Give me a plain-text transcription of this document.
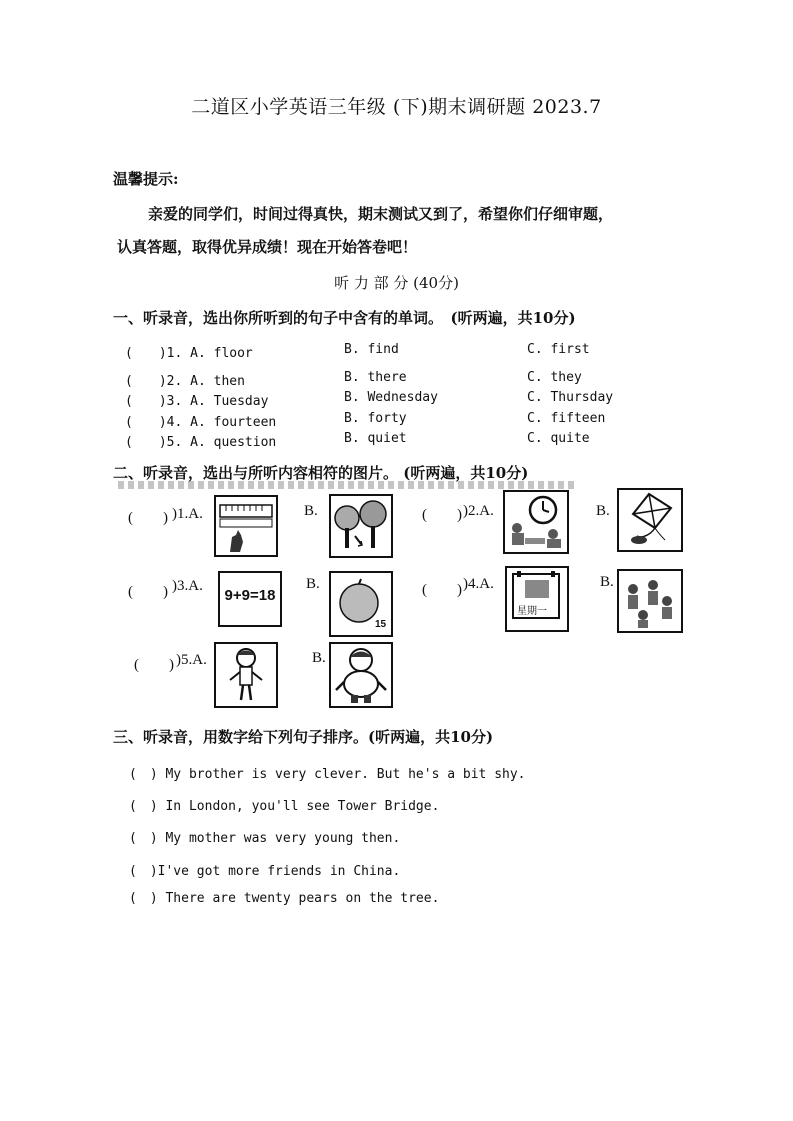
二道区小学英语三年级 (下)期末调研题 2023.7
温馨提示:
亲爱的同学们，时间过得真快，期末测试又到了，希望你们仔细审题，
认真答题，取得优异成绩！现在开始答卷吧！
听 力 部 分 (40分)
一、听录音，选出你所听到的句子中含有的单词。　(听两遍，共10分)
(　　)1. A. floor	B. find	C. first
(　　)2. A. then	B. there	C. they
(　　)3. A. Tuesday	B. Wednesday	C. Thursday
(　　)4. A. fourteen	B. forty	C. fifteen
(　　)5. A. question	B. quiet	C. quite
二、听录音，选出与所听内容相符的图片。 (听两遍，共10分)
(　　) )1.A.	B.	(　　) )2.A.	B.
(　　) )3.A.
9+9=18
B.
15
(　　) )4.A.
星期一
B.
(　　) )5.A.	B.
三、听录音，用数字给下列句子排序。(听两遍，共10分)
(　) My brother is very clever. But he's a bit shy.
(　) In London, you'll see Tower Bridge.
(　) My mother was very young then.
(　)I've got more friends in China.
(　) There are twenty pears on the tree.
